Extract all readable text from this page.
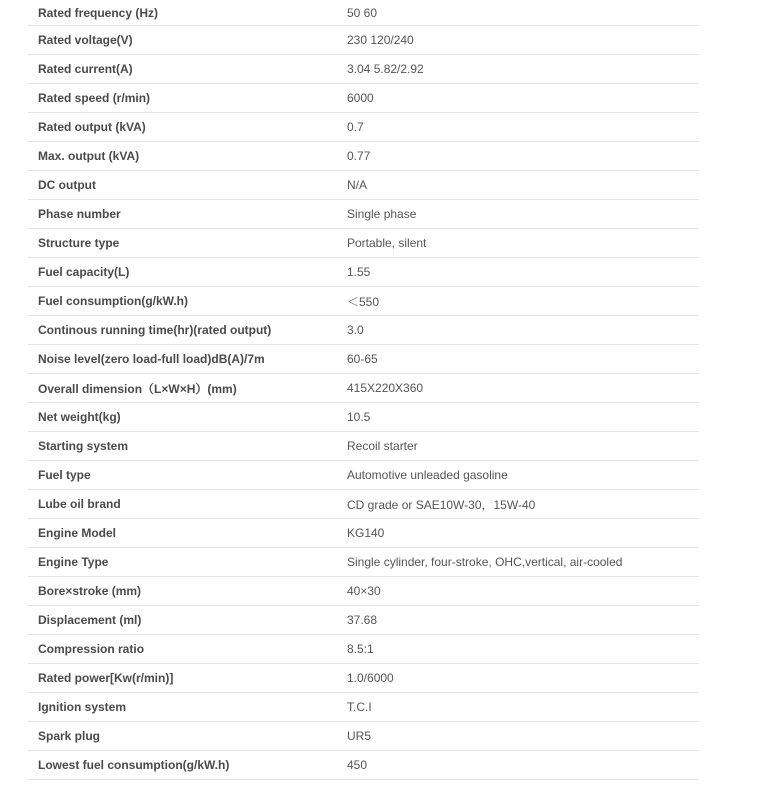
Rated frequency (Hz)	50 60
Rated voltage(V)	230 120/240
Rated current(A)	3.04 5.82/2.92
Rated speed (r/min)	6000
Rated output (kVA)	0.7
Max. output (kVA)	0.77
DC output	N/A
Phase number	Single phase
Structure type	Portable, silent
Fuel capacity(L)	1.55
Fuel consumption(g/kW.h)	＜550
Continous running time(hr)(rated output)	3.0
Noise level(zero load-full load)dB(A)/7m	60-65
Overall dimension（L×W×H）(mm)	415X220X360
Net weight(kg)	10.5
Starting system	Recoil starter
Fuel type	Automotive unleaded gasoline
Lube oil brand	CD grade or SAE10W-30，15W-40
Engine Model	KG140
Engine Type	Single cylinder, four-stroke, OHC,vertical, air-cooled
Bore×stroke (mm)	40×30
Displacement (ml)	37.68
Compression ratio	8.5:1
Rated power[Kw(r/min)]	1.0/6000
Ignition system	T.C.I
Spark plug	UR5
Lowest fuel consumption(g/kW.h)	450
